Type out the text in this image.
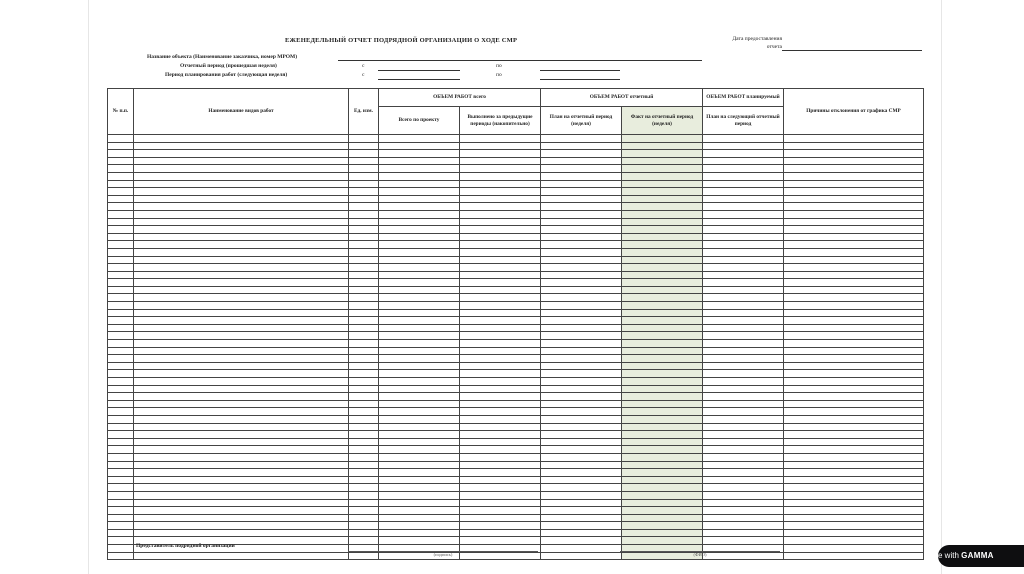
ЕЖЕНЕДЕЛЬНЫЙ ОТЧЕТ ПОДРЯДНОЙ ОРГАНИЗАЦИИ О ХОДЕ СМР	Дата предоставления отчета
Название объекта (Наименование заказчика, номер МРОМ)
Отчетный период (прошедшая неделя)	с	по
Период планирования работ (следующая неделя)	с	по
№ п.п.	Наименование видов работ	Ед. изм.	ОБЪЕМ РАБОТ всего		ОБЪЕМ РАБОТ отчетный		ОБЪЕМ РАБОТ планируемый	Причины отклонения от графика СМР
			Всего по проекту	Выполнено за предыдущие периоды (накопительно)	План на отчетный период (неделя)	Факт на отчетный период (неделя)	План на следующий отчетный период	

Представитель подрядной организации
(подпись)	(ФИО)	e with GAMMA
